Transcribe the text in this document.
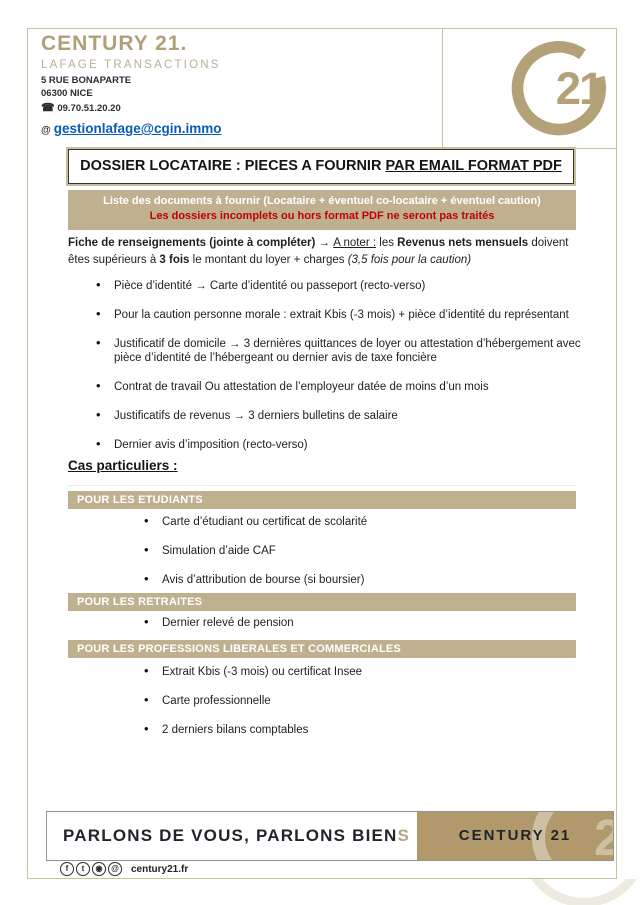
CENTURY 21.
LAFAGE TRANSACTIONS
5 RUE BONAPARTE
06300 NICE
☎ 09.70.51.20.20
@ gestionlafage@cgin.immo
21
DOSSIER LOCATAIRE : PIECES A FOURNIR PAR EMAIL FORMAT PDF
Liste des documents à fournir (Locataire + éventuel co-locataire + éventuel caution)
Les dossiers incomplets ou hors format PDF ne seront pas traités
Fiche de renseignements (jointe à compléter) → A noter : les Revenus nets mensuels doivent êtes supérieurs à 3 fois le montant du loyer + charges (3,5 fois pour la caution)
• Pièce d’identité → Carte d’identité ou passeport (recto-verso)
• Pour la caution personne morale : extrait Kbis (-3 mois) + pièce d’identité du représentant
• Justificatif de domicile → 3 dernières quittances de loyer ou attestation d’hébergement avec pièce d’identité de l’hébergeant ou dernier avis de taxe foncière
• Contrat de travail Ou attestation de l’employeur datée de moins d’un mois
• Justificatifs de revenus → 3 derniers bulletins de salaire
• Dernier avis d’imposition (recto-verso)
Cas particuliers :
POUR LES ETUDIANTS
• Carte d’étudiant ou certificat de scolarité
• Simulation d’aide CAF
• Avis d’attribution de bourse (si boursier)
POUR LES RETRAITES
• Dernier relevé de pension
POUR LES PROFESSIONS LIBERALES ET COMMERCIALES
• Extrait Kbis (-3 mois) ou certificat Insee
• Carte professionnelle
• 2 derniers bilans comptables
PARLONS DE VOUS, PARLONS BIEN S	2
CENTURY 21
f	t	◉	@	century21.fr
